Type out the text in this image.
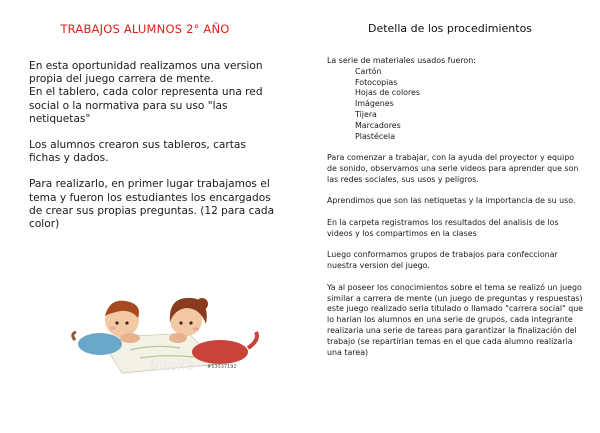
TRABAJOS ALUMNOS 2° AÑO

En esta oportunidad realizamos una version propia del juego carrera de mente.
En el tablero, cada color representa una red social o la normativa para su uso "las netiquetas"

Los alumnos crearon sus tableros, cartas fichas y dados.

Para realizarlo, en primer lugar trabajamos el tema y fueron los estudiantes los encargados de crear sus propias preguntas. (12 para cada color)

fotolia	#53037192
Detella de los procedimientos
La serie de materiales usados fueron:
Cartón
Fotocopias
Hojas de colores
Imágenes
Tijera
Marcadores
Plastécela

Para comenzar a trabajar, con la ayuda del proyector y equipo de sonido, observamos una serie videos para aprender que son las redes sociales, sus usos y peligros.

Aprendimos que son las netiquetas y la importancia de su uso.

En la carpeta registramos los resultados del analisis de los videos y los compartimos en la clases

Luego conformamos grupos de trabajos para confeccionar nuestra version del juego.

Ya al poseer los conocimientos sobre el tema se realizó un juego similar a carrera de mente (un juego de preguntas y respuestas) este juego realizado seria titulado o llamado "carrera social" que lo harian los alumnos en una serie de grupos, cada integrante realizaria una serie de tareas para garantizar la finalización del trabajo (se repartirian temas en el que cada alumno realizaria una tarea)
